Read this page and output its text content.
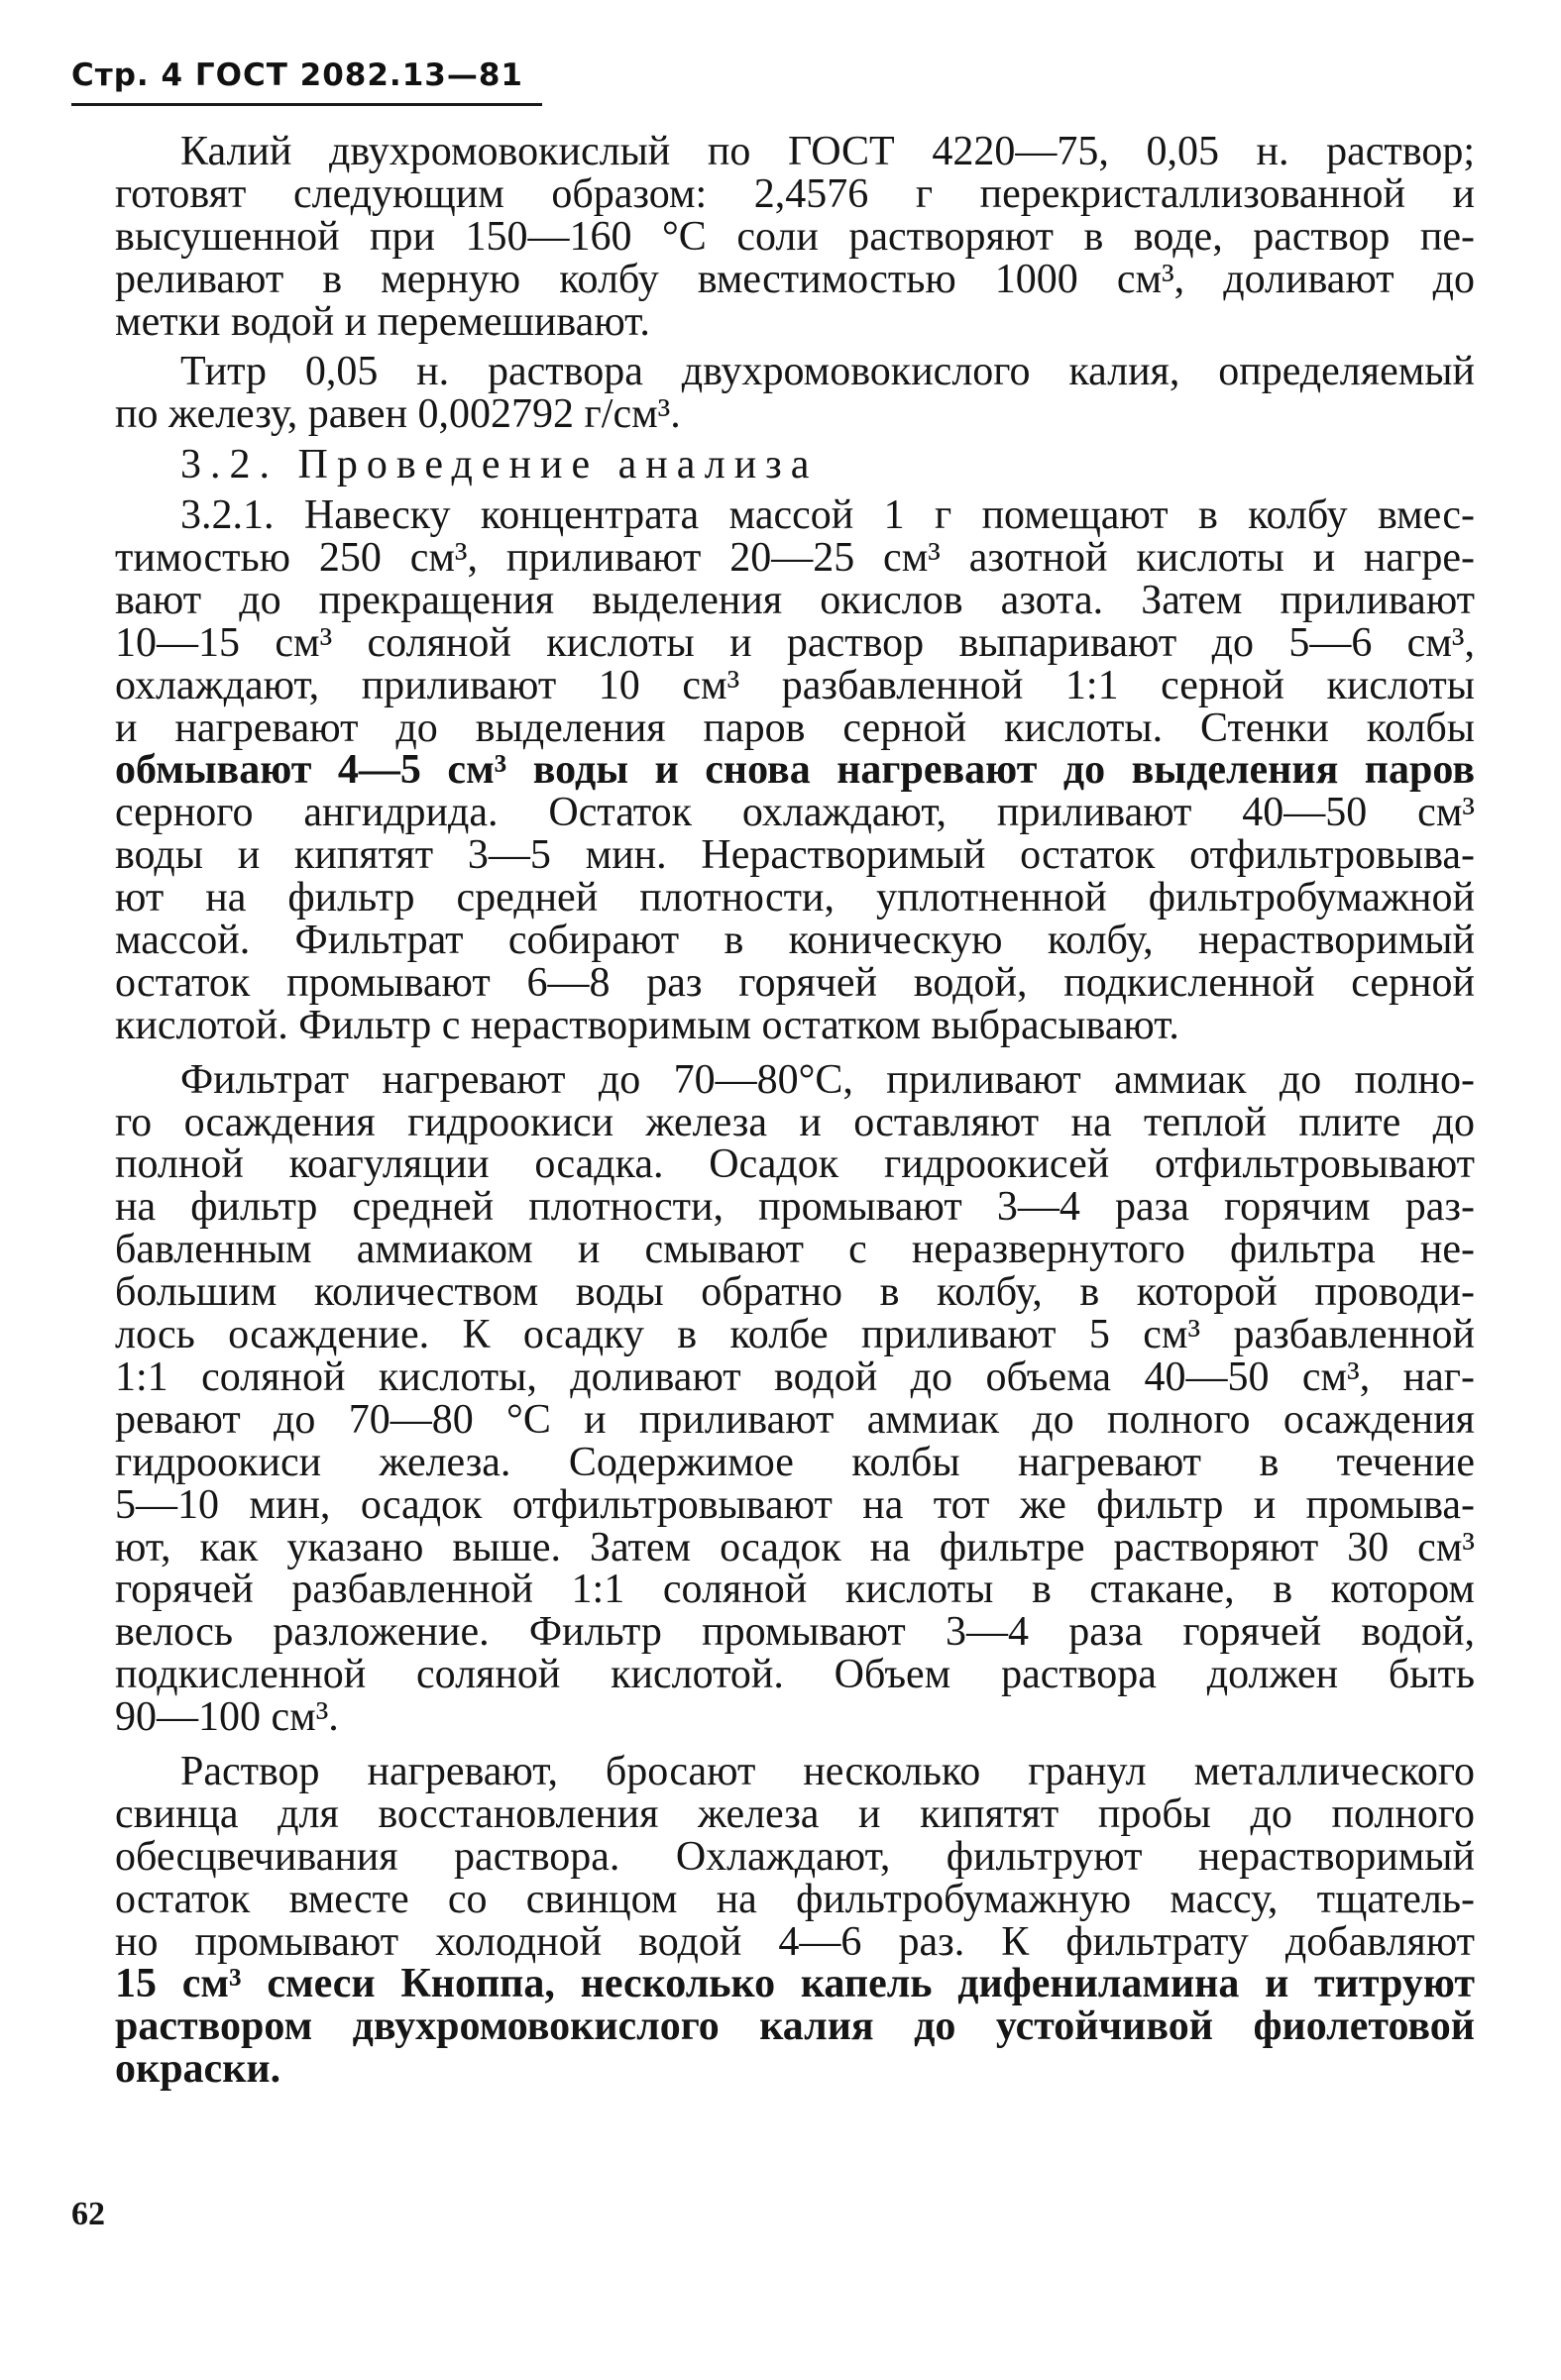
Стр. 4 ГОСТ 2082.13—81
Калий двухромовокислый по ГОСТ 4220—75, 0,05 н. раствор;
готовят следующим образом: 2,4576 г перекристаллизованной и
высушенной при 150—160 °С соли растворяют в воде, раствор пе-
реливают в мерную колбу вместимостью 1000 см³, доливают до
метки водой и перемешивают.
Титр 0,05 н. раствора двухромовокислого калия, определяемый
по железу, равен 0,002792 г/см³.
3.2. Проведение анализа
3.2.1. Навеску концентрата массой 1 г помещают в колбу вмес-
тимостью 250 см³, приливают 20—25 см³ азотной кислоты и нагре-
вают до прекращения выделения окислов азота. Затем приливают
10—15 см³ соляной кислоты и раствор выпаривают до 5—6 см³,
охлаждают, приливают 10 см³ разбавленной 1:1 серной кислоты
и нагревают до выделения паров серной кислоты. Стенки колбы
обмывают 4—5 см³ воды и снова нагревают до выделения паров
серного ангидрида. Остаток охлаждают, приливают 40—50 см³
воды и кипятят 3—5 мин. Нерастворимый остаток отфильтровыва-
ют на фильтр средней плотности, уплотненной фильтробумажной
массой. Фильтрат собирают в коническую колбу, нерастворимый
остаток промывают 6—8 раз горячей водой, подкисленной серной
кислотой. Фильтр с нерастворимым остатком выбрасывают.
Фильтрат нагревают до 70—80°С, приливают аммиак до полно-
го осаждения гидроокиси железа и оставляют на теплой плите до
полной коагуляции осадка. Осадок гидроокисей отфильтровывают
на фильтр средней плотности, промывают 3—4 раза горячим раз-
бавленным аммиаком и смывают с неразвернутого фильтра не-
большим количеством воды обратно в колбу, в которой проводи-
лось осаждение. К осадку в колбе приливают 5 см³ разбавленной
1:1 соляной кислоты, доливают водой до объема 40—50 см³, наг-
ревают до 70—80 °С и приливают аммиак до полного осаждения
гидроокиси железа. Содержимое колбы нагревают в течение
5—10 мин, осадок отфильтровывают на тот же фильтр и промыва-
ют, как указано выше. Затем осадок на фильтре растворяют 30 см³
горячей разбавленной 1:1 соляной кислоты в стакане, в котором
велось разложение. Фильтр промывают 3—4 раза горячей водой,
подкисленной соляной кислотой. Объем раствора должен быть
90—100 см³.
Раствор нагревают, бросают несколько гранул металлического
свинца для восстановления железа и кипятят пробы до полного
обесцвечивания раствора. Охлаждают, фильтруют нерастворимый
остаток вместе со свинцом на фильтробумажную массу, тщатель-
но промывают холодной водой 4—6 раз. К фильтрату добавляют
15 см³ смеси Кноппа, несколько капель дифениламина и титруют
раствором двухромовокислого калия до устойчивой фиолетовой
окраски.
62
